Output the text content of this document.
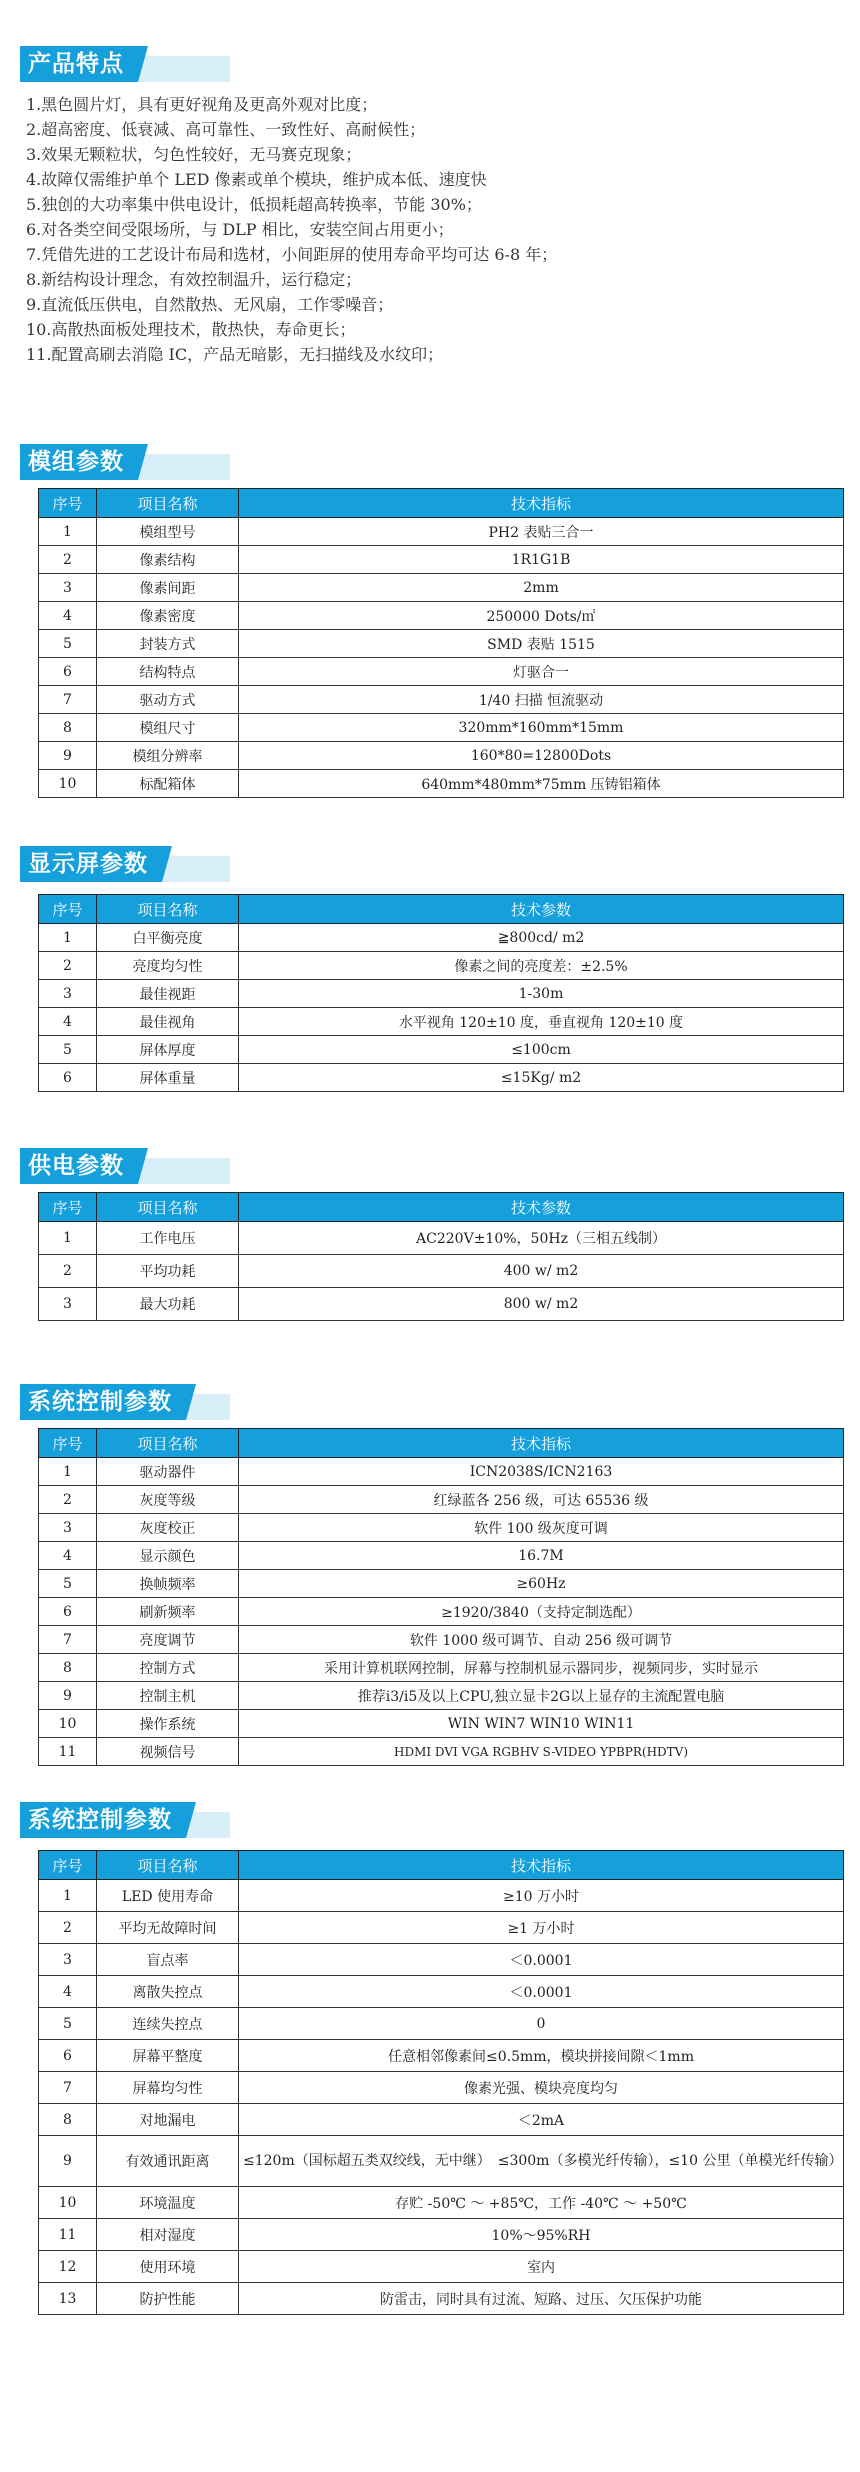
产品特点
1.黑色圆片灯，具有更好视角及更高外观对比度；
2.超高密度、低衰减、高可靠性、一致性好、高耐候性；
3.效果无颗粒状，匀色性较好，无马赛克现象；
4.故障仅需维护单个 LED 像素或单个模块，维护成本低、速度快
5.独创的大功率集中供电设计，低损耗超高转换率，节能 30%；
6.对各类空间受限场所，与 DLP 相比，安装空间占用更小；
7.凭借先进的工艺设计布局和选材，小间距屏的使用寿命平均可达 6-8 年；
8.新结构设计理念，有效控制温升，运行稳定；
9.直流低压供电，自然散热、无风扇，工作零噪音；
10.高散热面板处理技术，散热快，寿命更长；
11.配置高刷去消隐 IC，产品无暗影，无扫描线及水纹印；
模组参数
序号	项目名称	技术指标
1	模组型号	PH2 表贴三合一
2	像素结构	1R1G1B
3	像素间距	2mm
4	像素密度	250000 Dots/㎡
5	封装方式	SMD 表贴 1515
6	结构特点	灯驱合一
7	驱动方式	1/40 扫描 恒流驱动
8	模组尺寸	320mm*160mm*15mm
9	模组分辨率	160*80=12800Dots
10	标配箱体	640mm*480mm*75mm 压铸铝箱体
显示屏参数
序号	项目名称	技术参数
1	白平衡亮度	≧800cd/ m2
2	亮度均匀性	像素之间的亮度差：±2.5%
3	最佳视距	1-30m
4	最佳视角	水平视角 120±10 度，垂直视角 120±10 度
5	屏体厚度	≤100cm
6	屏体重量	≤15Kg/ m2
供电参数
序号	项目名称	技术参数
1	工作电压	AC220V±10%，50Hz（三相五线制）
2	平均功耗	400 w/ m2
3	最大功耗	800 w/ m2
系统控制参数
序号	项目名称	技术指标
1	驱动器件	ICN2038S/ICN2163
2	灰度等级	红绿蓝各 256 级，可达 65536 级
3	灰度校正	软件 100 级灰度可调
4	显示颜色	16.7M
5	换帧频率	≥60Hz
6	刷新频率	≥1920/3840（支持定制选配）
7	亮度调节	软件 1000 级可调节、自动 256 级可调节
8	控制方式	采用计算机联网控制，屏幕与控制机显示器同步，视频同步，实时显示
9	控制主机	推荐i3/i5及以上CPU,独立显卡2G以上显存的主流配置电脑
10	操作系统	WIN WIN7 WIN10 WIN11
11	视频信号	HDMI DVI VGA RGBHV S-VIDEO YPBPR(HDTV)
系统控制参数
序号	项目名称	技术指标
1	LED 使用寿命	≥10 万小时
2	平均无故障时间	≥1 万小时
3	盲点率	＜0.0001
4	离散失控点	＜0.0001
5	连续失控点	0
6	屏幕平整度	任意相邻像素间≤0.5mm，模块拼接间隙＜1mm
7	屏幕均匀性	像素光强、模块亮度均匀
8	对地漏电	＜2mA
9	有效通讯距离	≤120m（国标超五类双绞线，无中继）　≤300m（多模光纤传输），≤10 公里（单模光纤传输）
10	环境温度	存贮 -50℃ ～ +85℃，工作 -40℃ ～ +50℃
11	相对湿度	10%～95%RH
12	使用环境	室内
13	防护性能	防雷击，同时具有过流、短路、过压、欠压保护功能
